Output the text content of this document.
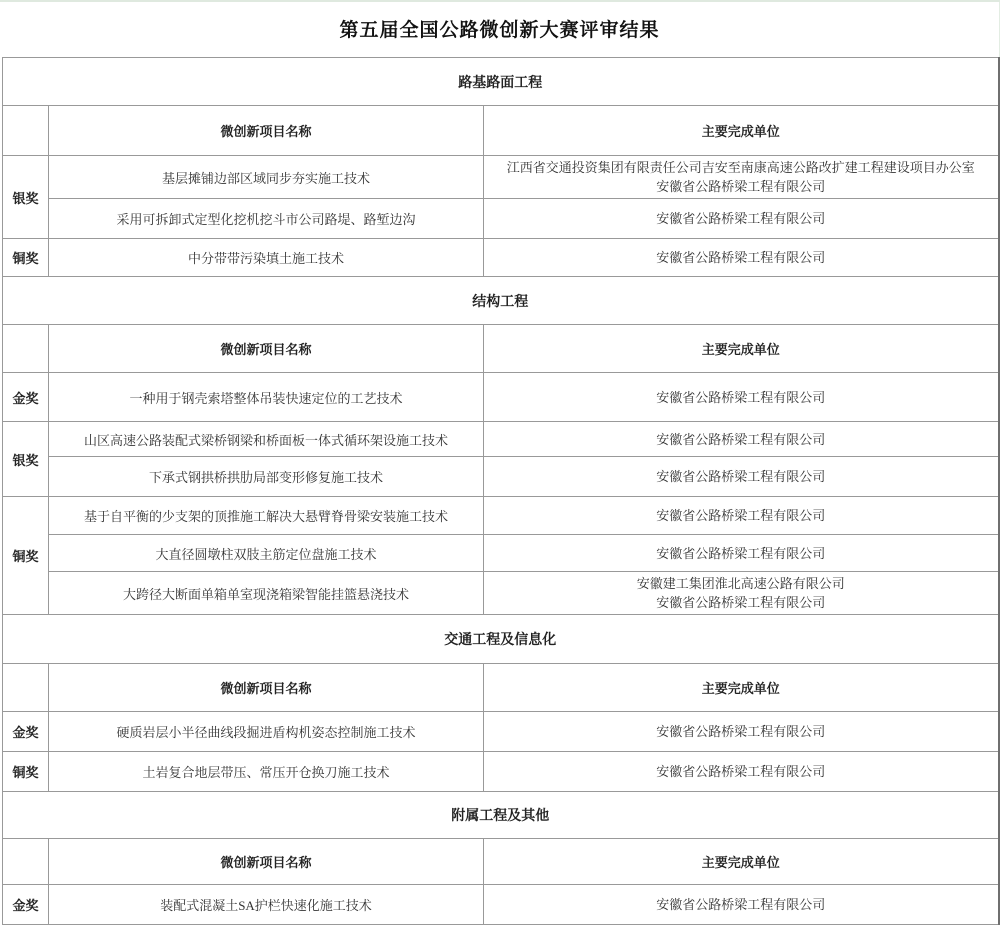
第五届全国公路微创新大赛评审结果
路基路面工程		
	微创新项目名称	主要完成单位
银奖	基层摊铺边部区域同步夯实施工技术	江西省交通投资集团有限责任公司吉安至南康高速公路改扩建工程建设项目办公室
安徽省公路桥梁工程有限公司

	采用可拆卸式定型化挖机挖斗市公司路堤、路堑边沟	安徽省公路桥梁工程有限公司

铜奖	中分带带污染填土施工技术	安徽省公路桥梁工程有限公司

结构工程		
	微创新项目名称	主要完成单位
金奖	一种用于钢壳索塔整体吊装快速定位的工艺技术	安徽省公路桥梁工程有限公司

银奖	山区高速公路装配式梁桥钢梁和桥面板一体式循环架设施工技术	安徽省公路桥梁工程有限公司

	下承式钢拱桥拱肋局部变形修复施工技术	安徽省公路桥梁工程有限公司

铜奖	基于自平衡的少支架的顶推施工解决大悬臂脊骨梁安装施工技术	安徽省公路桥梁工程有限公司

	大直径圆墩柱双肢主筋定位盘施工技术	安徽省公路桥梁工程有限公司

	大跨径大断面单箱单室现浇箱梁智能挂篮悬浇技术	安徽建工集团淮北高速公路有限公司
安徽省公路桥梁工程有限公司

交通工程及信息化		
	微创新项目名称	主要完成单位
金奖	硬质岩层小半径曲线段掘进盾构机姿态控制施工技术	安徽省公路桥梁工程有限公司

铜奖	土岩复合地层带压、常压开仓换刀施工技术	安徽省公路桥梁工程有限公司

附属工程及其他		
	微创新项目名称	主要完成单位
金奖	装配式混凝土SA护栏快速化施工技术	安徽省公路桥梁工程有限公司
